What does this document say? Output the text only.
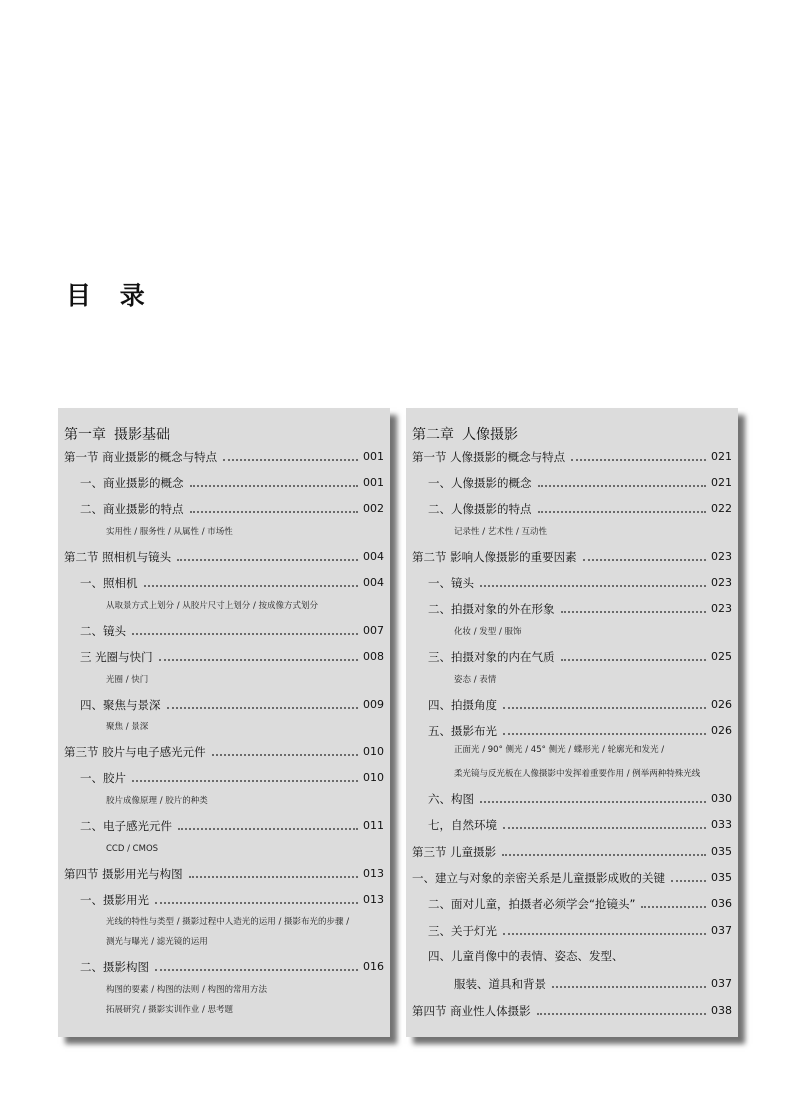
目 录
第一章 摄影基础
第一节 商业摄影的概念与特点	001
一、商业摄影的概念	001
二、商业摄影的特点	002
实用性 / 服务性 / 从属性 / 市场性
第二节 照相机与镜头	004
一、照相机	004
从取景方式上划分 / 从胶片尺寸上划分 / 按成像方式划分
二、镜头	007
三 光圈与快门	008
光圈 / 快门
四、聚焦与景深	009
聚焦 / 景深
第三节 胶片与电子感光元件	010
一、胶片	010
胶片成像原理 / 胶片的种类
二、电子感光元件	011
CCD / CMOS
第四节 摄影用光与构图	013
一、摄影用光	013
光线的特性与类型 / 摄影过程中人造光的运用 / 摄影布光的步骤 /
测光与曝光 / 滤光镜的运用
二、摄影构图	016
构图的要素 / 构图的法则 / 构图的常用方法
拓展研究 / 摄影实训作业 / 思考题
第二章 人像摄影
第一节 人像摄影的概念与特点	021
一、人像摄影的概念	021
二、人像摄影的特点	022
记录性 / 艺术性 / 互动性
第二节 影响人像摄影的重要因素	023
一、镜头	023
二、拍摄对象的外在形象	023
化妆 / 发型 / 服饰
三、拍摄对象的内在气质	025
姿态 / 表情
四、拍摄角度	026
五、摄影布光	026
正面光 / 90° 侧光 / 45° 侧光 / 蝶形光 / 轮廓光和发光 /
柔光镜与反光板在人像摄影中发挥着重要作用 / 例举两种特殊光线
六、构图	030
七，自然环境	033
第三节 儿童摄影	035
一、建立与对象的亲密关系是儿童摄影成败的关键	035
二、面对儿童，拍摄者必须学会“抢镜头”	036
三、关于灯光	037
四、儿童肖像中的表情、姿态、发型、
服装、道具和背景	037
第四节 商业性人体摄影	038
